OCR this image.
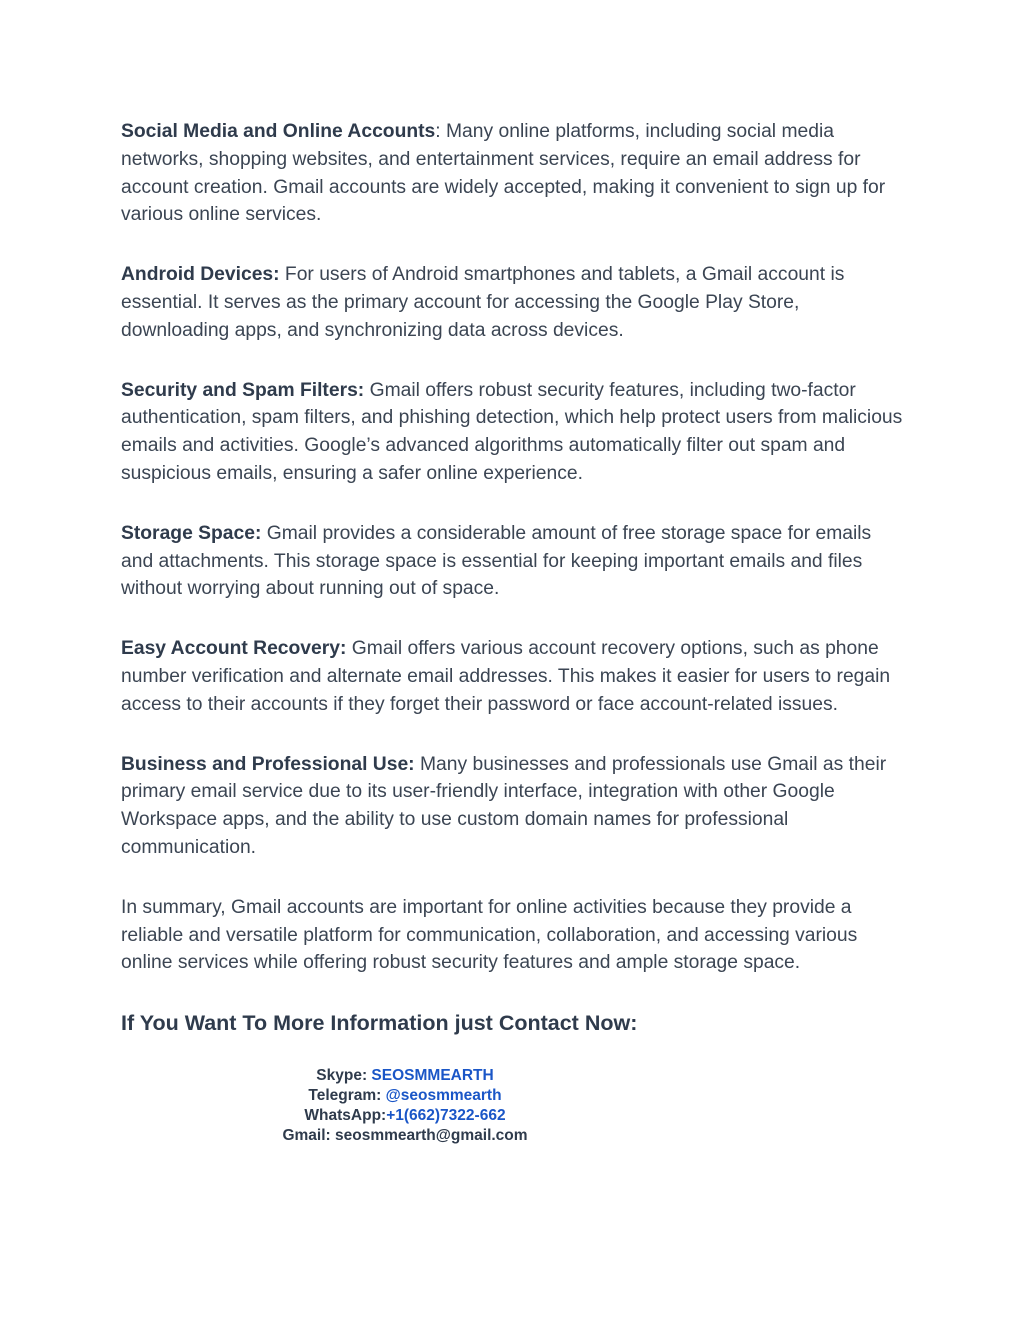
Social Media and Online Accounts: Many online platforms, including social media networks, shopping websites, and entertainment services, require an email address for account creation. Gmail accounts are widely accepted, making it convenient to sign up for various online services.

Android Devices: For users of Android smartphones and tablets, a Gmail account is essential. It serves as the primary account for accessing the Google Play Store, downloading apps, and synchronizing data across devices.

Security and Spam Filters: Gmail offers robust security features, including two-factor authentication, spam filters, and phishing detection, which help protect users from malicious emails and activities. Google’s advanced algorithms automatically filter out spam and suspicious emails, ensuring a safer online experience.

Storage Space: Gmail provides a considerable amount of free storage space for emails and attachments. This storage space is essential for keeping important emails and files without worrying about running out of space.

Easy Account Recovery: Gmail offers various account recovery options, such as phone number verification and alternate email addresses. This makes it easier for users to regain access to their accounts if they forget their password or face account-related issues.

Business and Professional Use: Many businesses and professionals use Gmail as their primary email service due to its user-friendly interface, integration with other Google Workspace apps, and the ability to use custom domain names for professional communication.

In summary, Gmail accounts are important for online activities because they provide a reliable and versatile platform for communication, collaboration, and accessing various online services while offering robust security features and ample storage space.

If You Want To More Information just Contact Now:
Skype: SEOSMMEARTH
Telegram: @seosmmearth
WhatsApp:+1(662)7322-662
Gmail: seosmmearth@gmail.com
